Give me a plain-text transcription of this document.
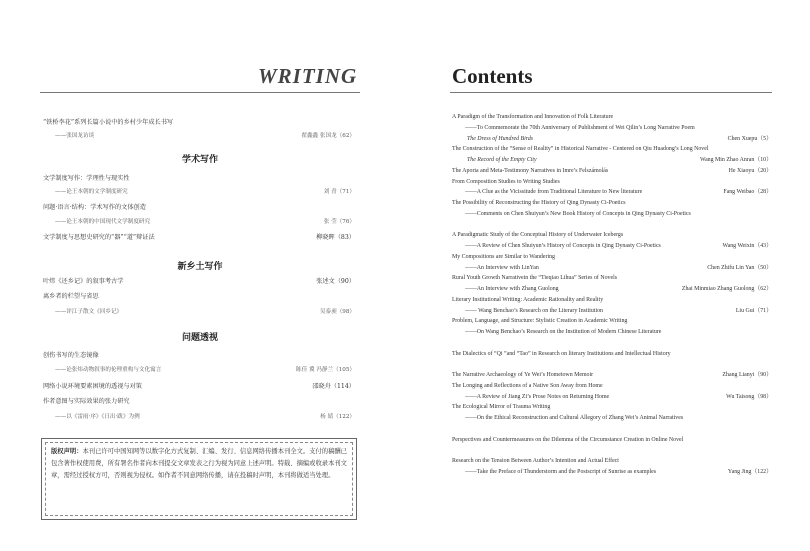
WRITING
“铁桥李花”系列长篇小说中的乡村少年成长书写
——张国龙访谈	翟鑫鑫 张国龙（62）
学术写作
文学制度写作：学理性与现实性
——论王本朝的文学制度研究	刘 青（71）
问题·语言·结构：学术写作的文体创造
——论王本朝的中国现代文学制度研究	张 莹（76）
文学制度与思想史研究的“器”“道”辩证法	柳晓晖（83）
新乡土写作
叶炜《还乡记》的叙事考古学	张述文（90）
离乡者的栏望与省思
——评江子散文《回乡记》	吴泰昶（98）
问题透视
创伤书写的生态镜像
——论张炜动物叙事的伦理重构与文化寓言	陈佳 冀 冯静兰（105）
网络小说环境要素困境的透视与对策	邵晓舟（114）
作者意图与实际效果的张力研究
——以《雷雨·序》《日出·跋》为例	杨 婧（122）
版权声明：本刊已许可中国知网等以数字化方式复制、汇编、发行、信息网络传播本刊全文。支付的稿酬已包含著作权使用费，所有署名作者向本刊提交文章发表之行为视为同意上述声明。特载、摘编或收录本刊文章，需经过授权方可，否则视为侵权。如作者不同意网络传播，请在投稿时声明，本刊将做适当处理。
Contents
A Paradigm of the Transformation and Innovation of Folk Literature
——To Commemorate the 70th Anniversary of Publishment of Wei Qilin’s Long Narrative Poem
The Dress of Hundred Birds	Chen Xuepu（5）
The Construction of the “Sense of Reality” in Historical Narrative - Centered on Qiu Huadong’s Long Novel
The Record of the Empty City	Wang Min Zhao Anran（10）
The Aporia and Meta-Testimony Narratives in Imre’s Felszámolás	He Xiaoyu（20）
From Composition Studies to Writing Studies
——A Clue as the Vicissitude from Traditional Literature to New literature	Fang Weibao（28）
The Possibility of Reconstructing the History of Qing Dynasty Ci-Poetics
——Comments on Chen Shuiyun’s New Book History of Concepts in Qing Dynasty Ci-Poetics
A Paradigmatic Study of the Conceptual History of Underwater Icebergs
——A Review of Chen Shuiyun’s History of Concepts in Qing Dynasty Ci-Poetics	Wang Weixin（43）
My Compositions are Similar to Wandering
——An Interview with LinYan	Chen Zhifu Lin Yan（50）
Rural Youth Growth Narrativein the “Tieqiao Lihua” Series of Novels
——An Interview with Zhang Guolong	Zhai Minmiao Zhang Guolong（62）
Literary Institutional Writing: Academic Rationality and Reality
—— Wang Benchao’s Research on the Literary Institution	Liu Gui（71）
Problem, Language, and Structure: Stylistic Creation in Academic Writing
——On Wang Benchao’s Research on the Institution of Modern Chinese Literature
The Dialectics of “Qi ”and “Tao” in Research on literary Institutions and Intellectual History
The Narrative Archaeology of Ye Wei’s Hometown Memoir	Zhang Lianyi（90）
The Longing and Reflections of a Native Son Away from Home
——A Review of Jiang Zi’s Prose Notes on Returning Home	Wu Taisong（98）
The Ecological Mirror of Trauma Writing
——On the Ethical Reconstruction and Cultural Allegory of Zhang Wei’s Animal Narratives
Perspectives and Countermeasures on the Dilemma of the Circumstance Creation in Online Novel
Research on the Tension Between Author’s Intention and Actual Effect
——Take the Preface of Thunderstorm and the Postscript of Sunrise as examples	Yang Jing（122）
